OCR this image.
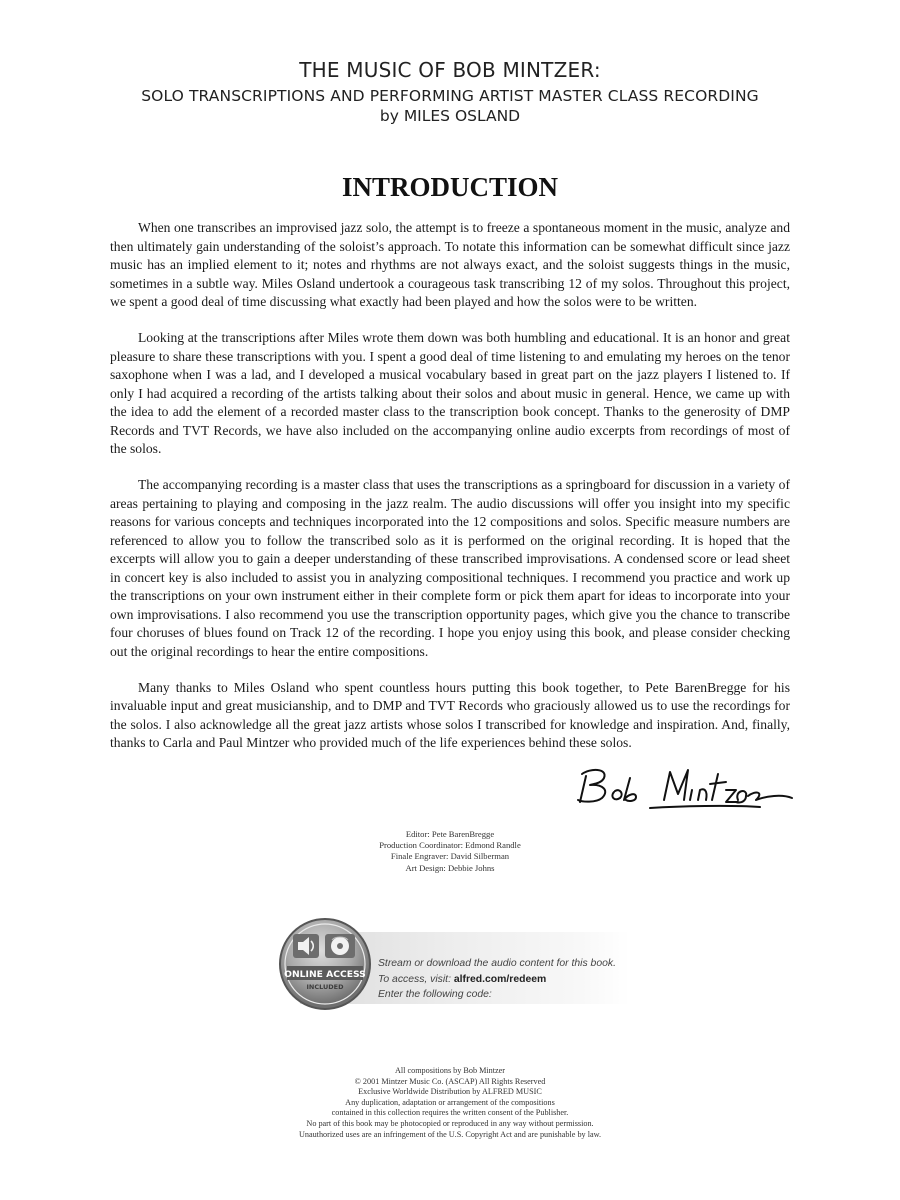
THE MUSIC OF BOB MINTZER:
SOLO TRANSCRIPTIONS AND PERFORMING ARTIST MASTER CLASS RECORDING
by MILES OSLAND
INTRODUCTION

When one transcribes an improvised jazz solo, the attempt is to freeze a spontaneous moment in the music, analyze and then ultimately gain understanding of the soloist’s approach. To notate this information can be somewhat difficult since jazz music has an implied element to it; notes and rhythms are not always exact, and the soloist suggests things in the music, sometimes in a subtle way. Miles Osland undertook a courageous task transcribing 12 of my solos. Throughout this project, we spent a good deal of time discussing what exactly had been played and how the solos were to be written.

Looking at the transcriptions after Miles wrote them down was both humbling and educational. It is an honor and great pleasure to share these transcriptions with you. I spent a good deal of time listening to and emulating my heroes on the tenor saxophone when I was a lad, and I developed a musical vocabulary based in great part on the jazz players I listened to. If only I had acquired a recording of the artists talking about their solos and about music in general. Hence, we came up with the idea to add the element of a recorded master class to the transcription book concept. Thanks to the generosity of DMP Records and TVT Records, we have also included on the accompanying online audio excerpts from recordings of most of the solos.

The accompanying recording is a master class that uses the transcriptions as a springboard for discussion in a variety of areas pertaining to playing and composing in the jazz realm. The audio discussions will offer you insight into my specific reasons for various concepts and techniques incorporated into the 12 compositions and solos. Specific measure numbers are referenced to allow you to follow the transcribed solo as it is performed on the original recording. It is hoped that the excerpts will allow you to gain a deeper understanding of these transcribed improvisations. A condensed score or lead sheet in concert key is also included to assist you in analyzing compositional techniques. I recommend you practice and work up the transcriptions on your own instrument either in their complete form or pick them apart for ideas to incorporate into your own improvisations. I also recommend you use the transcription opportunity pages, which give you the chance to transcribe four choruses of blues found on Track 12 of the recording. I hope you enjoy using this book, and please consider checking out the original recordings to hear the entire compositions.

Many thanks to Miles Osland who spent countless hours putting this book together, to Pete BarenBregge for his invaluable input and great musicianship, and to DMP and TVT Records who graciously allowed us to use the recordings for the solos. I also acknowledge all the great jazz artists whose solos I transcribed for knowledge and inspiration. And, finally, thanks to Carla and Paul Mintzer who provided much of the life experiences behind these solos.

Editor: Pete BarenBregge
Production Coordinator: Edmond Randle
Finale Engraver: David Silberman
Art Design: Debbie Johns
ONLINE ACCESS
INCLUDED
Stream or download the audio content for this book.
To access, visit: alfred.com/redeem
Enter the following code:
All compositions by Bob Mintzer
© 2001 Mintzer Music Co. (ASCAP) All Rights Reserved
Exclusive Worldwide Distribution by ALFRED MUSIC
Any duplication, adaptation or arrangement of the compositions
contained in this collection requires the written consent of the Publisher.
No part of this book may be photocopied or reproduced in any way without permission.
Unauthorized uses are an infringement of the U.S. Copyright Act and are punishable by law.
